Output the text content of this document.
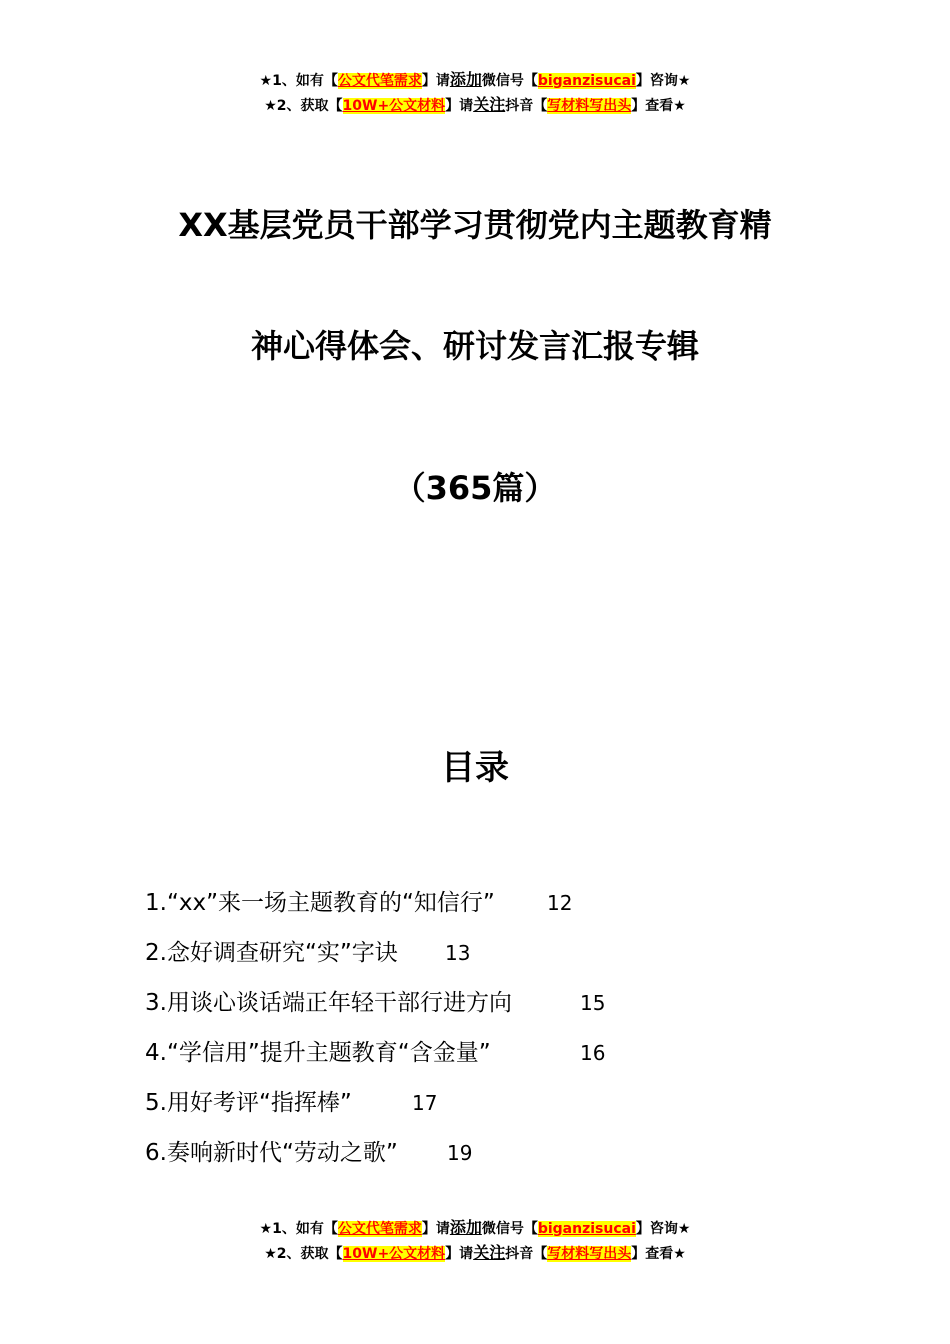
★1、如有【公文代笔需求】请添加微信号【biganzisucai】咨询★
★2、获取【10W+公文材料】请关注抖音【写材料写出头】查看★
XX基层党员干部学习贯彻党内主题教育精
神心得体会、研讨发言汇报专辑
（365篇）
目录
1.“xx”来一场主题教育的“知信行”	12
2.念好调查研究“实”字诀 13
3.用谈心谈话端正年轻干部行进方向	15
4.“学信用”提升主题教育“含金量”	16
5.用好考评“指挥棒”	17
6.奏响新时代“劳动之歌” 19
★1、如有【公文代笔需求】请添加微信号【biganzisucai】咨询★
★2、获取【10W+公文材料】请关注抖音【写材料写出头】查看★
